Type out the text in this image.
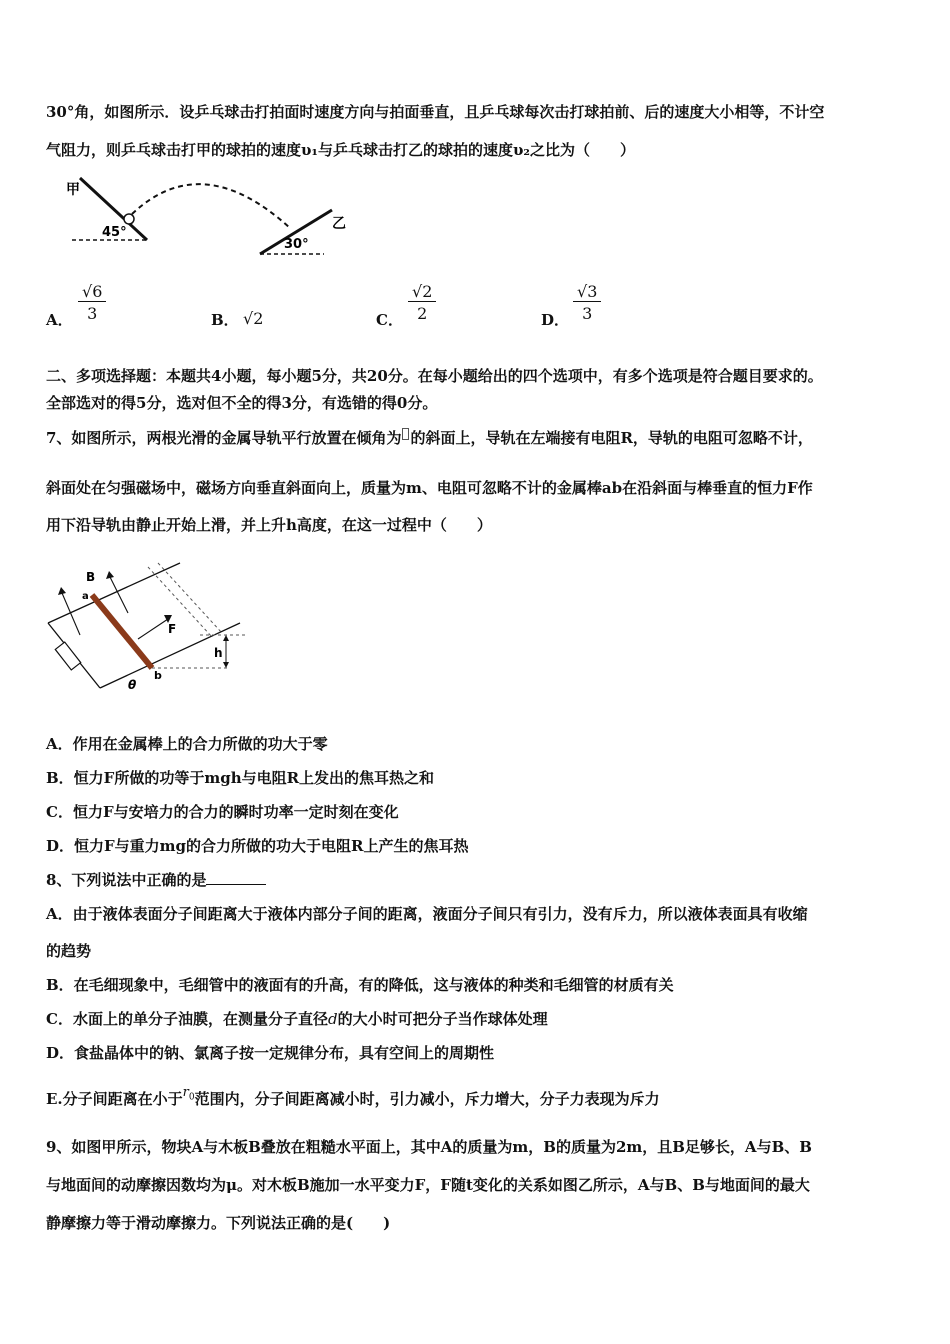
30°角，如图所示．设乒乓球击打拍面时速度方向与拍面垂直，且乒乓球每次击打球拍前、后的速度大小相等，不计空
气阻力，则乒乓球击打甲的球拍的速度υ₁与乒乓球击打乙的球拍的速度υ₂之比为（　　）
甲
45°
30°
乙
A． $\frac{√6}{3}$	B． √2	C． $\frac{√2}{2}$	D． $\frac{√3}{3}$
二、多项选择题：本题共4小题，每小题5分，共20分。在每小题给出的四个选项中，有多个选项是符合题目要求的。
全部选对的得5分，选对但不全的得3分，有选错的得0分。
7、如图所示，两根光滑的金属导轨平行放置在倾角为 的斜面上，导轨在左端接有电阻R，导轨的电阻可忽略不计，
斜面处在匀强磁场中，磁场方向垂直斜面向上，质量为m、电阻可忽略不计的金属棒ab在沿斜面与棒垂直的恒力F作
用下沿导轨由静止开始上滑，并上升h高度，在这一过程中（　　）
h
B
a
b
F
θ
A．作用在金属棒上的合力所做的功大于零
B．恒力F所做的功等于mgh与电阻R上发出的焦耳热之和
C．恒力F与安培力的合力的瞬时功率一定时刻在变化
D．恒力F与重力mg的合力所做的功大于电阻R上产生的焦耳热
8、下列说法中正确的是
A．由于液体表面分子间距离大于液体内部分子间的距离，液面分子间只有引力，没有斥力，所以液体表面具有收缩
的趋势
B．在毛细现象中，毛细管中的液面有的升高，有的降低，这与液体的种类和毛细管的材质有关
C．水面上的单分子油膜，在测量分子直径d的大小时可把分子当作球体处理
D．食盐晶体中的钠、氯离子按一定规律分布，具有空间上的周期性
E.分子间距离在小于$r_0$范围内，分子间距离减小时，引力减小，斥力增大，分子力表现为斥力
9、如图甲所示，物块A与木板B叠放在粗糙水平面上，其中A的质量为m，B的质量为2m，且B足够长，A与B、B
与地面间的动摩擦因数均为μ。对木板B施加一水平变力F，F随t变化的关系如图乙所示，A与B、B与地面间的最大
静摩擦力等于滑动摩擦力。下列说法正确的是(　　)
